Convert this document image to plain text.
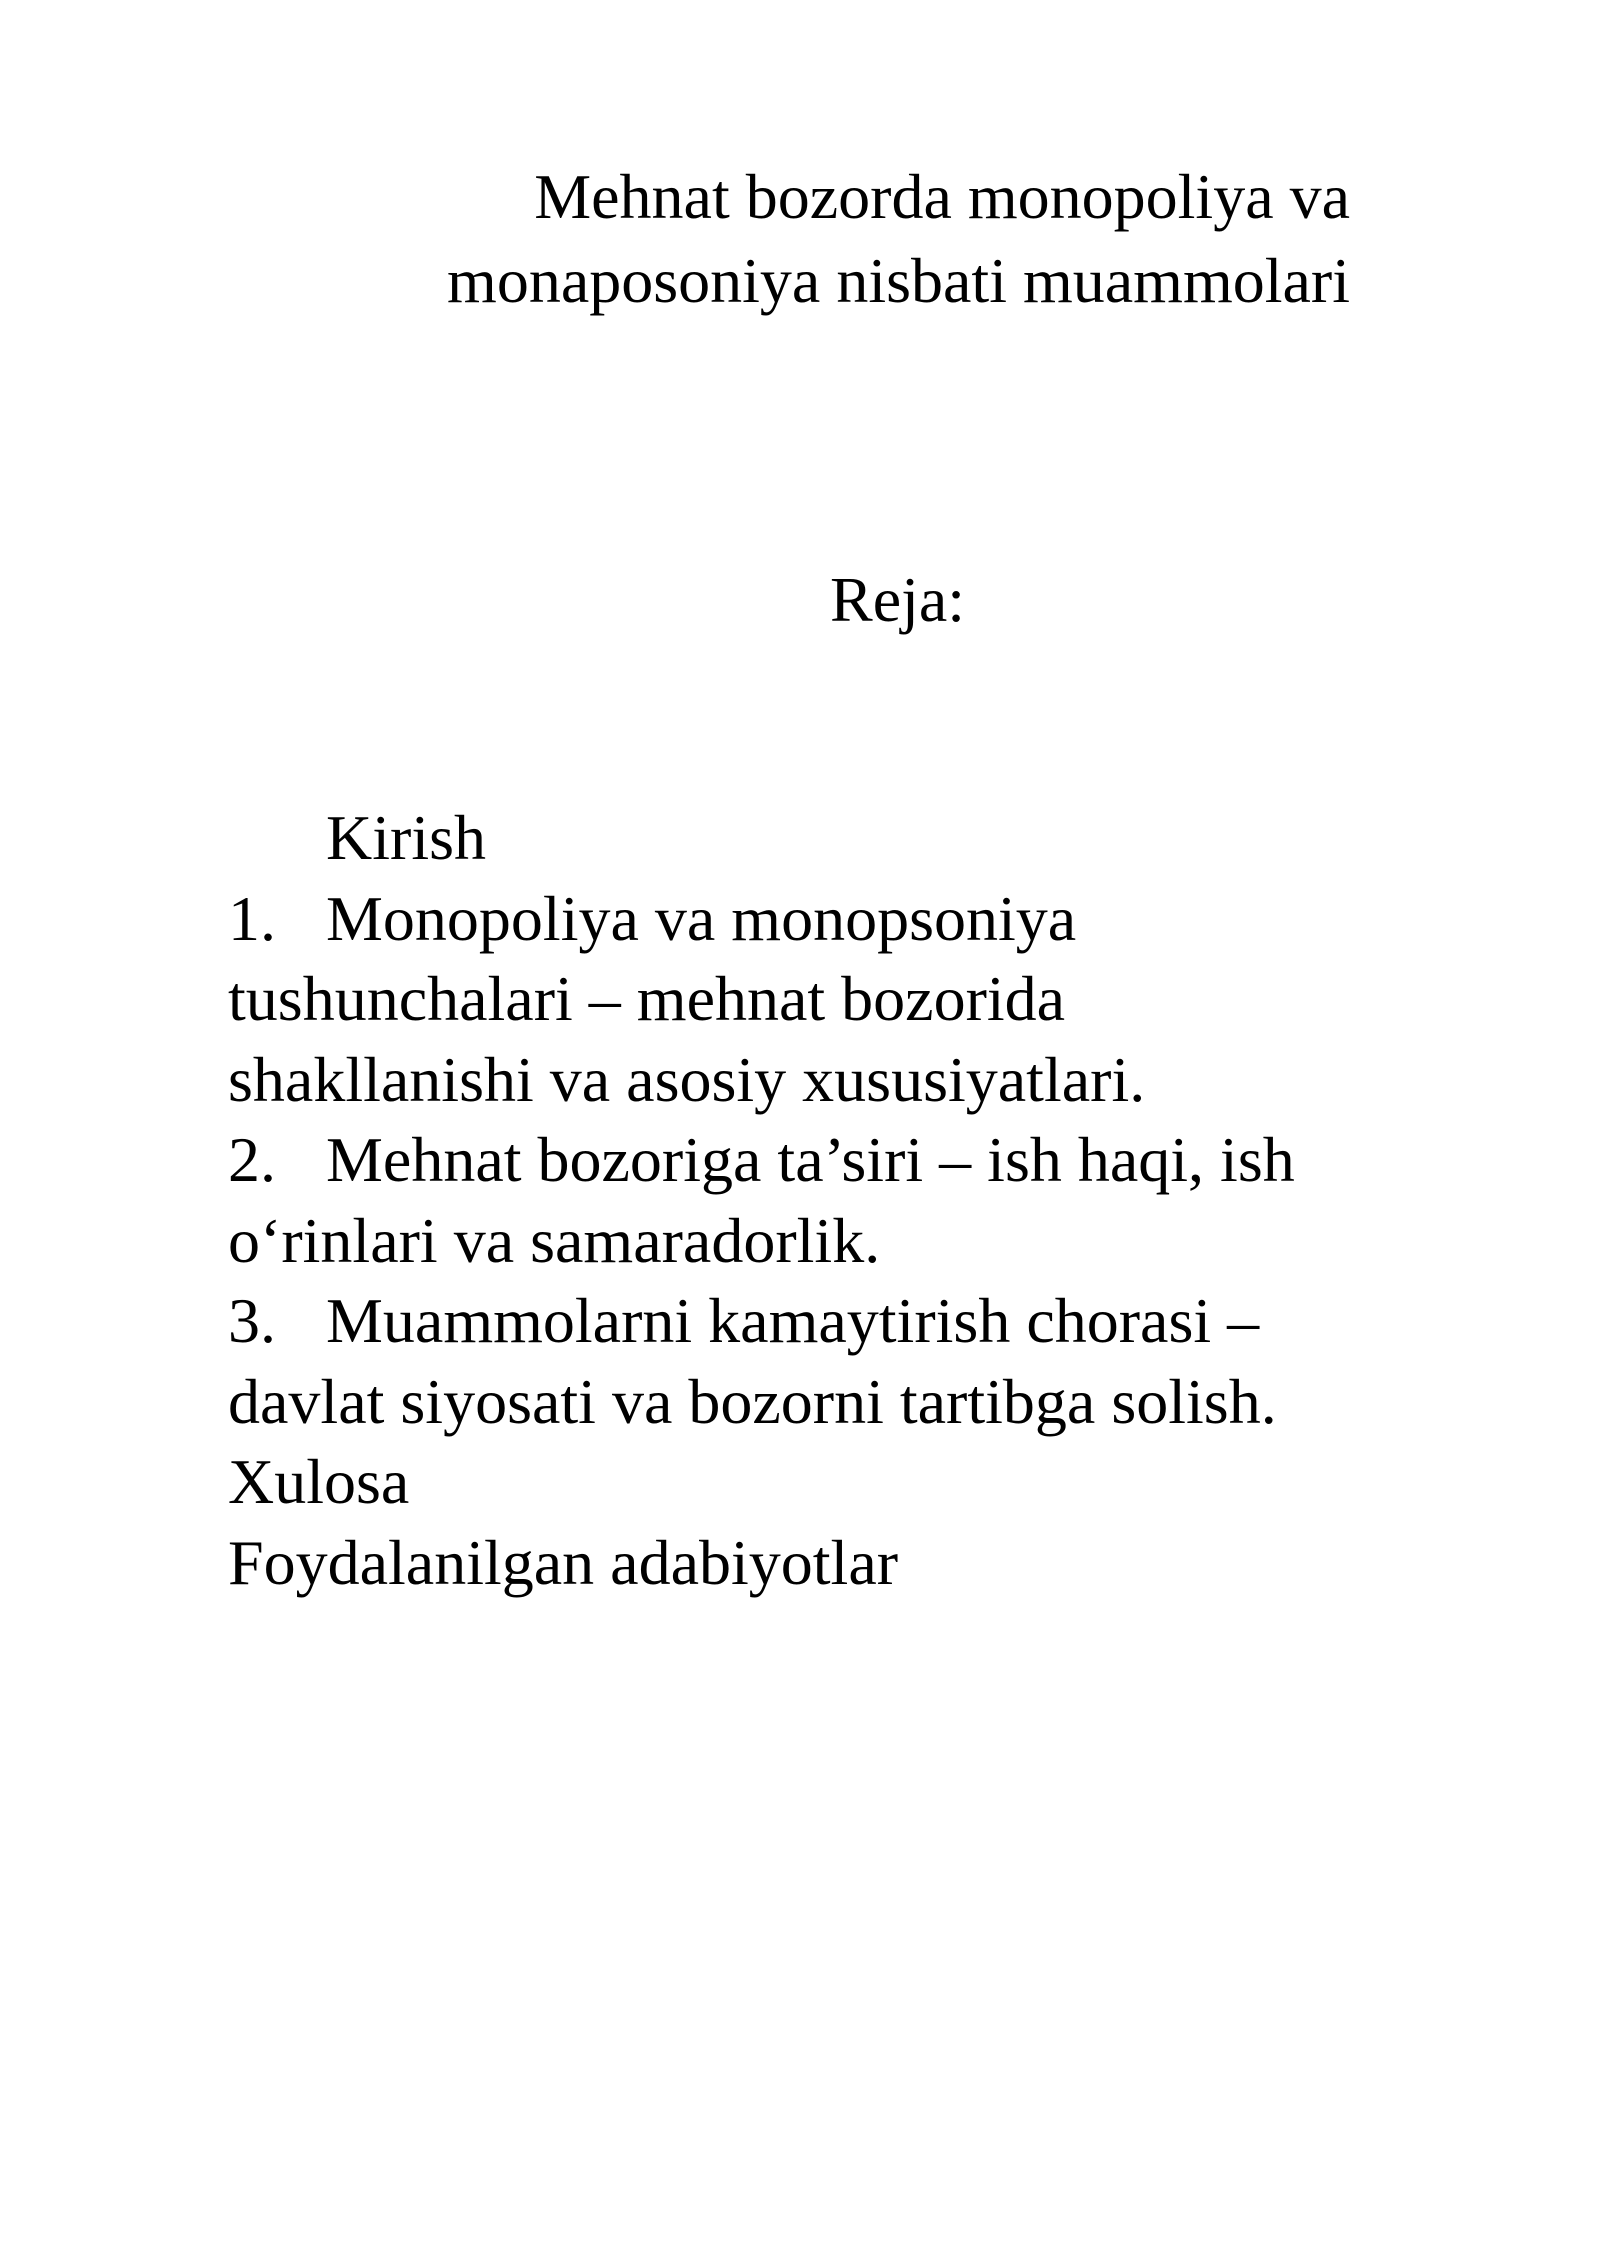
Mehnat bozorda monopoliya va
monaposoniya nisbati muammolari
Reja:
Kirish
1. Monopoliya va monopsoniya
tushunchalari – mehnat bozorida
shakllanishi va asosiy xususiyatlari.
2. Mehnat bozoriga ta’siri – ish haqi, ish
o‘rinlari va samaradorlik.
3. Muammolarni kamaytirish chorasi –
davlat siyosati va bozorni tartibga solish.
Xulosa
Foydalanilgan adabiyotlar
